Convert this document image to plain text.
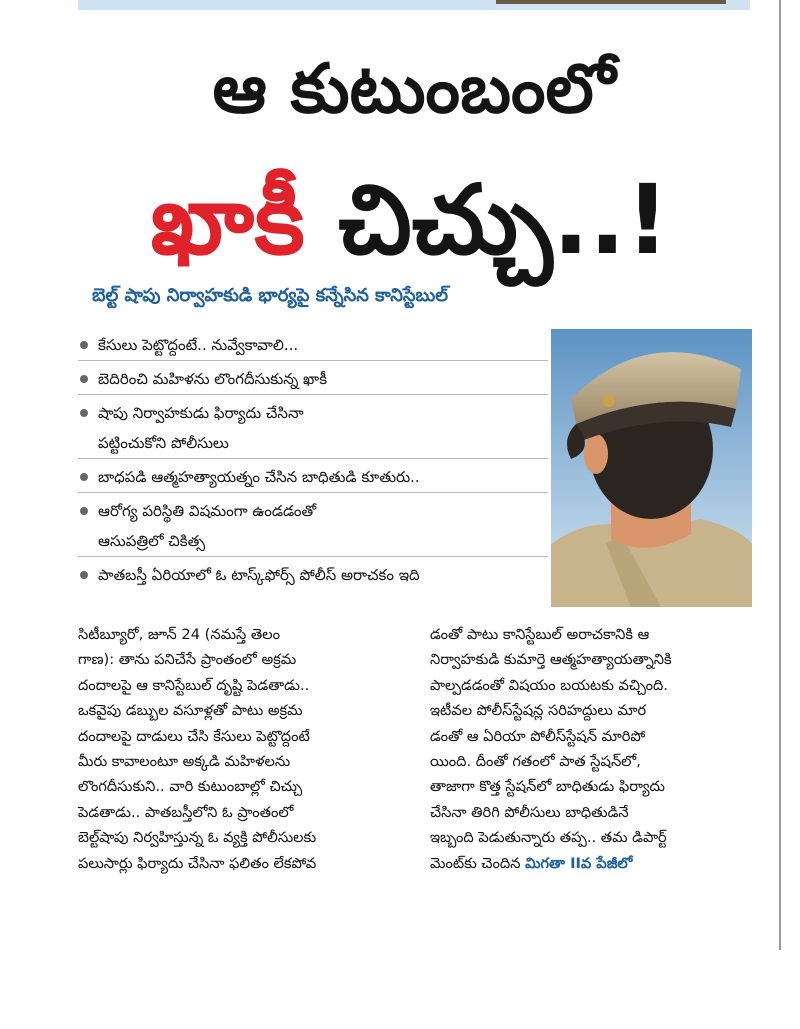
ఆ కుటుంబంలో
ఖాకీ చిచ్చు..!
బెల్ట్ షాపు నిర్వాహకుడి భార్యపై కన్నేసిన కానిస్టేబుల్
కేసులు పెట్టొద్దంటే.. నువ్వేకావాలి...
బెదిరించి మహిళను లొంగదీసుకున్న ఖాకీ
షాపు నిర్వాహకుడు ఫిర్యాదు చేసినా
పట్టించుకోని పోలీసులు
బాధపడి ఆత్మహత్యాయత్నం చేసిన బాధితుడి కూతురు..
ఆరోగ్య పరిస్థితి విషమంగా ఉండడంతో
ఆసుపత్రిలో చికిత్స
పాతబస్తీ ఏరియాలో ఓ టాస్క్‌ఫోర్స్ పోలీస్ అరాచకం ఇది
సిటీబ్యూరో, జూన్ 24 (నమస్తే తెలం
గాణ): తాను పనిచేసే ప్రాంతంలో అక్రమ
దందాలపై ఆ కానిస్టేబుల్ దృష్టి పెడతాడు..
ఒకవైపు డబ్బుల వసూళ్లతో పాటు అక్రమ
దందాలపై దాడులు చేసి కేసులు పెట్టొద్దంటే
మీరు కావాలంటూ అక్కడి మహిళలను
లొంగదీసుకుని.. వారి కుటుంబాల్లో చిచ్చు
పెడతాడు.. పాతబస్తీలోని ఓ ప్రాంతంలో
బెల్ట్‌షాపు నిర్వహిస్తున్న ఓ వ్యక్తి పోలీసులకు
పలుసార్లు ఫిర్యాదు చేసినా ఫలితం లేకపోవ
డంతో పాటు కానిస్టేబుల్ అరాచకానికి ఆ
నిర్వాహకుడి కుమార్తె ఆత్మహత్యాయత్నానికి
పాల్పడడంతో విషయం బయటకు వచ్చింది.
ఇటీవల పోలీస్‌స్టేషన్ల సరిహద్దులు మార
డంతో ఆ ఏరియా పోలీస్‌స్టేషన్ మారిపో
యింది. దీంతో గతంలో పాత స్టేషన్‌లో,
తాజాగా కొత్త స్టేషన్‌లో బాధితుడు ఫిర్యాదు
చేసినా తిరిగి పోలీసులు బాధితుడినే
ఇబ్బంది పెడుతున్నారు తప్ప.. తమ డిపార్ట్
మెంట్‌కు చెందిన మిగతా IIవ పేజీలో
